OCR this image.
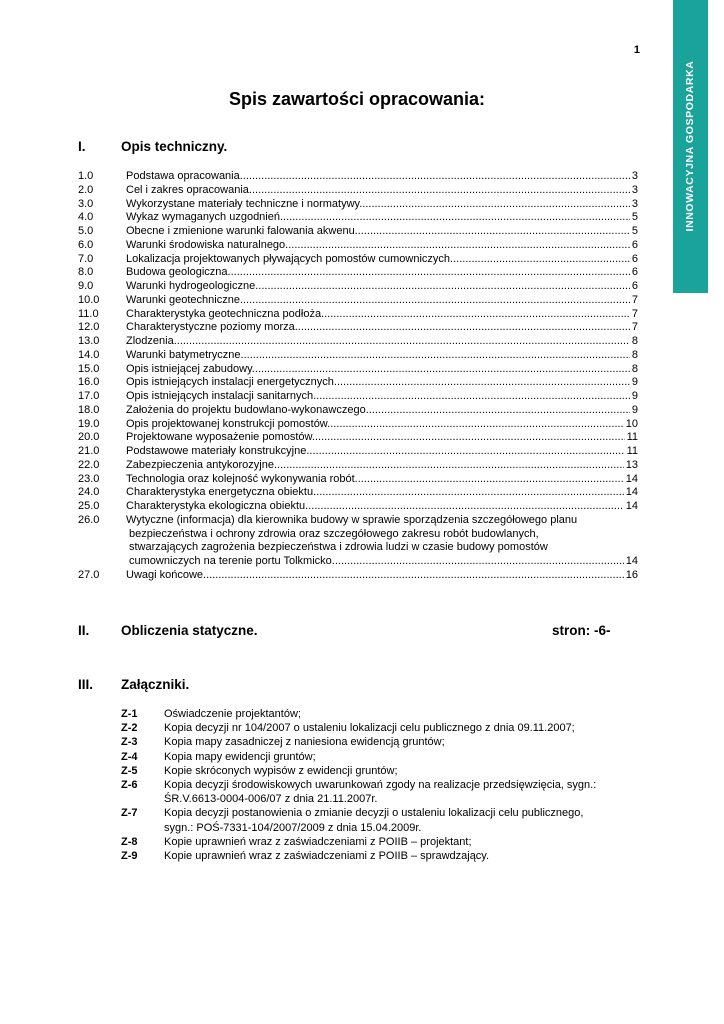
INNOWACYJNA GOSPODARKA
1
Spis zawartości opracowania:
I.	Opis techniczny.
1.0	Podstawa opracowania. .....	3
2.0	Cel i zakres opracowania. .....	3
3.0	Wykorzystane materiały techniczne i normatywy. .....	3
4.0	Wykaz wymaganych uzgodnień. .....	5
5.0	Obecne i zmienione warunki falowania akwenu. .....	5
6.0	Warunki środowiska naturalnego. .....	6
7.0	Lokalizacja projektowanych pływających pomostów cumowniczych .....	6
8.0	Budowa geologiczna. .....	6
9.0	Warunki hydrogeologiczne. .....	6
10.0	Warunki geotechniczne. .....	7
11.0	Charakterystyka geotechniczna podłoża. .....	7
12.0	Charakterystyczne poziomy morza. .....	7
13.0	Zlodzenia. .....	8
14.0	Warunki batymetryczne. .....	8
15.0	Opis istniejącej zabudowy. .....	8
16.0	Opis istniejących instalacji energetycznych. .....	9
17.0	Opis istniejących instalacji sanitarnych. .....	9
18.0	Założenia do projektu budowlano-wykonawczego. .....	9
19.0	Opis projektowanej konstrukcji pomostów. .....	10
20.0	Projektowane wyposażenie pomostów. .....	11
21.0	Podstawowe materiały konstrukcyjne. .....	11
22.0	Zabezpieczenia antykorozyjne. .....	13
23.0	Technologia oraz kolejność wykonywania robót. .....	14
24.0	Charakterystyka energetyczna obiektu .....	14
25.0	Charakterystyka ekologiczna obiektu .....	14
26.0	Wytyczne (informacja) dla kierownika budowy w sprawie sporządzenia szczegółowego planu
bezpieczeństwa i ochrony zdrowia oraz szczegółowego zakresu robót budowlanych,
stwarzających zagrożenia bezpieczeństwa i zdrowia ludzi w czasie budowy pomostów
cumowniczych na terenie portu Tolkmicko. .....	14
27.0	Uwagi końcowe. .....	16
II. Obliczenia statyczne.	stron: -6-
III. Załączniki.
Z-1 Oświadczenie projektantów;
Z-2 Kopia decyzji nr 104/2007 o ustaleniu lokalizacji celu publicznego z dnia 09.11.2007;
Z-3 Kopia mapy zasadniczej z naniesiona ewidencją gruntów;
Z-4 Kopia mapy ewidencji gruntów;
Z-5 Kopie skróconych wypisów z ewidencji gruntów;
Z-6 Kopia decyzji środowiskowych uwarunkowań zgody na realizacje przedsięwzięcia, sygn.:
ŚR.V.6613-0004-006/07 z dnia 21.11.2007r.
Z-7 Kopia decyzji postanowienia o zmianie decyzji o ustaleniu lokalizacji celu publicznego,
sygn.: POŚ-7331-104/2007/2009 z dnia 15.04.2009r.
Z-8 Kopie uprawnień wraz z zaświadczeniami z POIIB – projektant;
Z-9 Kopie uprawnień wraz z zaświadczeniami z POIIB – sprawdzający.
